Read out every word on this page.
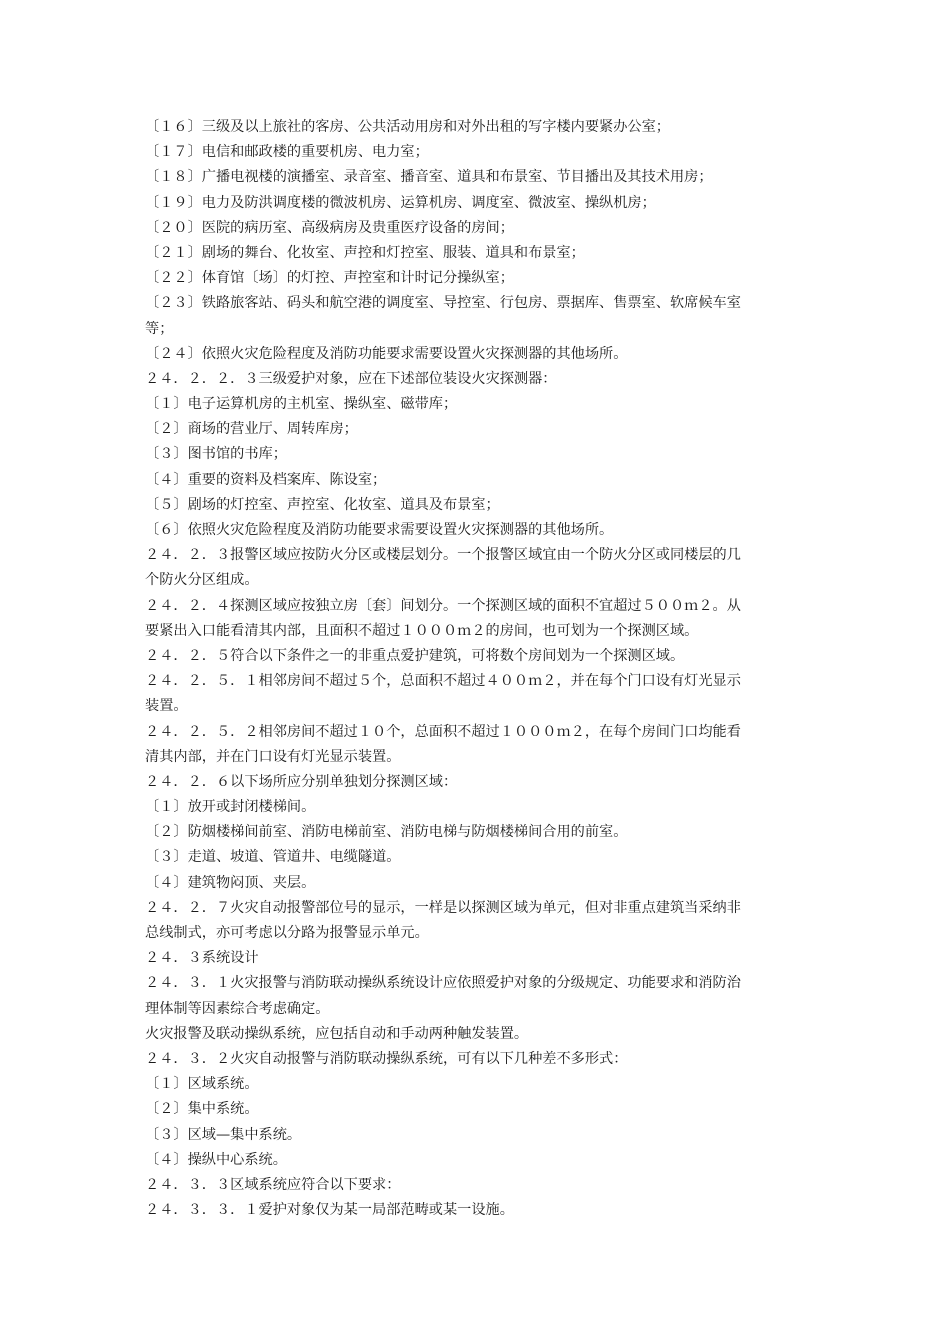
〔１６〕三级及以上旅社的客房、公共活动用房和对外出租的写字楼内要紧办公室；
〔１７〕电信和邮政楼的重要机房、电力室；
〔１８〕广播电视楼的演播室、录音室、播音室、道具和布景室、节目播出及其技术用房；
〔１９〕电力及防洪调度楼的微波机房、运算机房、调度室、微波室、操纵机房；
〔２０〕医院的病历室、高级病房及贵重医疗设备的房间；
〔２１〕剧场的舞台、化妆室、声控和灯控室、服装、道具和布景室；
〔２２〕体育馆〔场〕的灯控、声控室和计时记分操纵室；
〔２３〕铁路旅客站、码头和航空港的调度室、导控室、行包房、票据库、售票室、软席候车室
等；
〔２４〕依照火灾危险程度及消防功能要求需要设置火灾探测器的其他场所。
２４．２．２．３三级爱护对象，应在下述部位装设火灾探测器：
〔１〕电子运算机房的主机室、操纵室、磁带库；
〔２〕商场的营业厅、周转库房；
〔３〕图书馆的书库；
〔４〕重要的资料及档案库、陈设室；
〔５〕剧场的灯控室、声控室、化妆室、道具及布景室；
〔６〕依照火灾危险程度及消防功能要求需要设置火灾探测器的其他场所。
２４．２．３报警区域应按防火分区或楼层划分。一个报警区域宜由一个防火分区或同楼层的几
个防火分区组成。
２４．２．４探测区域应按独立房〔套〕间划分。一个探测区域的面积不宜超过５００ｍ２。从
要紧出入口能看清其内部，且面积不超过１０００ｍ２的房间，也可划为一个探测区域。
２４．２．５符合以下条件之一的非重点爱护建筑，可将数个房间划为一个探测区域。
２４．２．５．１相邻房间不超过５个，总面积不超过４００ｍ２，并在每个门口设有灯光显示
装置。
２４．２．５．２相邻房间不超过１０个，总面积不超过１０００ｍ２，在每个房间门口均能看
清其内部，并在门口设有灯光显示装置。
２４．２．６以下场所应分别单独划分探测区域：
〔１〕放开或封闭楼梯间。
〔２〕防烟楼梯间前室、消防电梯前室、消防电梯与防烟楼梯间合用的前室。
〔３〕走道、坡道、管道井、电缆隧道。
〔４〕建筑物闷顶、夹层。
２４．２．７火灾自动报警部位号的显示，一样是以探测区域为单元，但对非重点建筑当采纳非
总线制式，亦可考虑以分路为报警显示单元。
２４．３系统设计
２４．３．１火灾报警与消防联动操纵系统设计应依照爱护对象的分级规定、功能要求和消防治
理体制等因素综合考虑确定。
火灾报警及联动操纵系统，应包括自动和手动两种触发装置。
２４．３．２火灾自动报警与消防联动操纵系统，可有以下几种差不多形式：
〔１〕区域系统。
〔２〕集中系统。
〔３〕区域—集中系统。
〔４〕操纵中心系统。
２４．３．３区域系统应符合以下要求：
２４．３．３．１爱护对象仅为某一局部范畴或某一设施。
